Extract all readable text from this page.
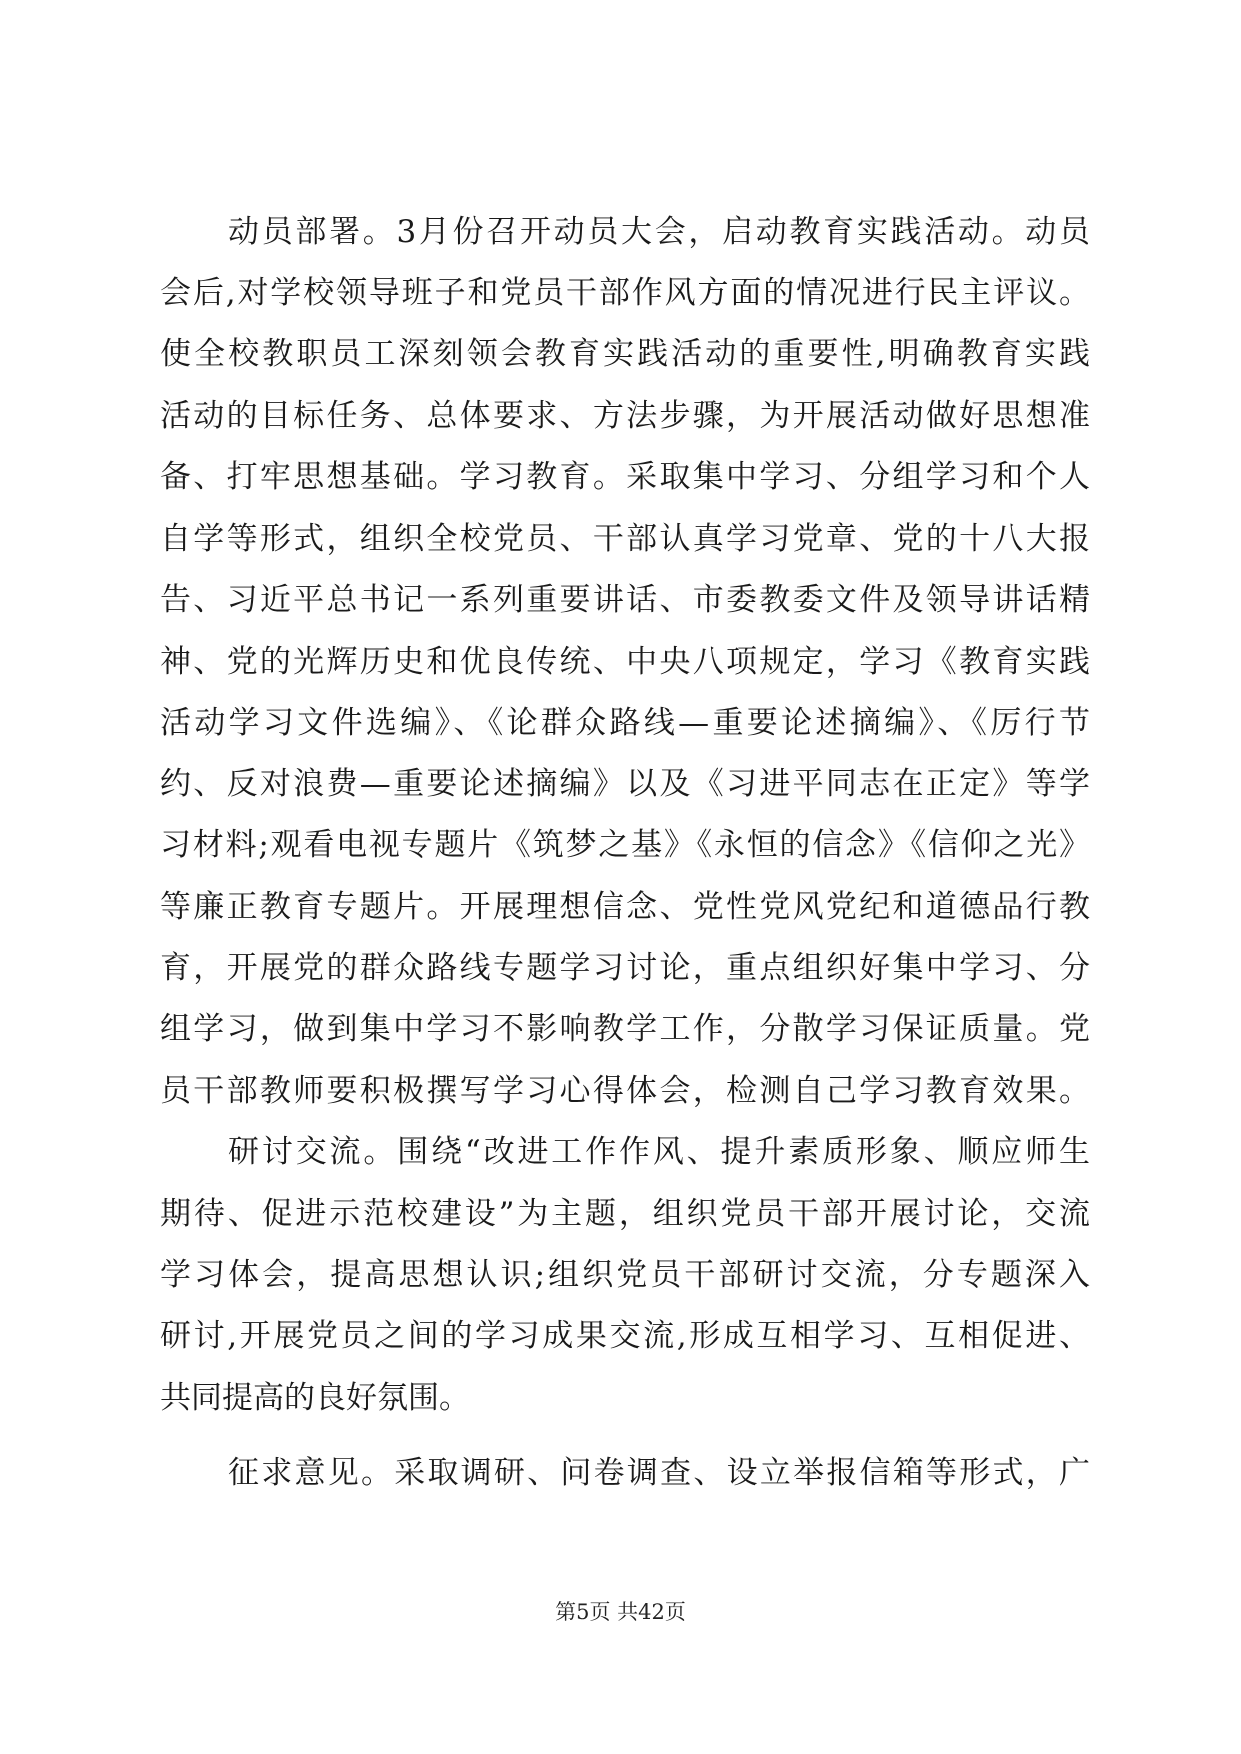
动员部署。3月份召开动员大会，启动教育实践活动。动员
会后,对学校领导班子和党员干部作风方面的情况进行民主评议。
使全校教职员工深刻领会教育实践活动的重要性,明确教育实践
活动的目标任务、总体要求、方法步骤，为开展活动做好思想准
备、打牢思想基础。学习教育。采取集中学习、分组学习和个人
自学等形式，组织全校党员、干部认真学习党章、党的十八大报
告、习近平总书记一系列重要讲话、市委教委文件及领导讲话精
神、党的光辉历史和优良传统、中央八项规定，学习《教育实践
活动学习文件选编》、《论群众路线—重要论述摘编》、《厉行节
约、反对浪费—重要论述摘编》以及《习进平同志在正定》等学
习材料;观看电视专题片《筑梦之基》《永恒的信念》《信仰之光》
等廉正教育专题片。开展理想信念、党性党风党纪和道德品行教
育，开展党的群众路线专题学习讨论，重点组织好集中学习、分
组学习，做到集中学习不影响教学工作，分散学习保证质量。党
员干部教师要积极撰写学习心得体会，检测自己学习教育效果。
研讨交流。围绕“改进工作作风、提升素质形象、顺应师生
期待、促进示范校建设”为主题，组织党员干部开展讨论，交流
学习体会，提高思想认识;组织党员干部研讨交流，分专题深入
研讨,开展党员之间的学习成果交流,形成互相学习、互相促进、
共同提高的良好氛围。
征求意见。采取调研、问卷调查、设立举报信箱等形式，广
第5页 共42页
